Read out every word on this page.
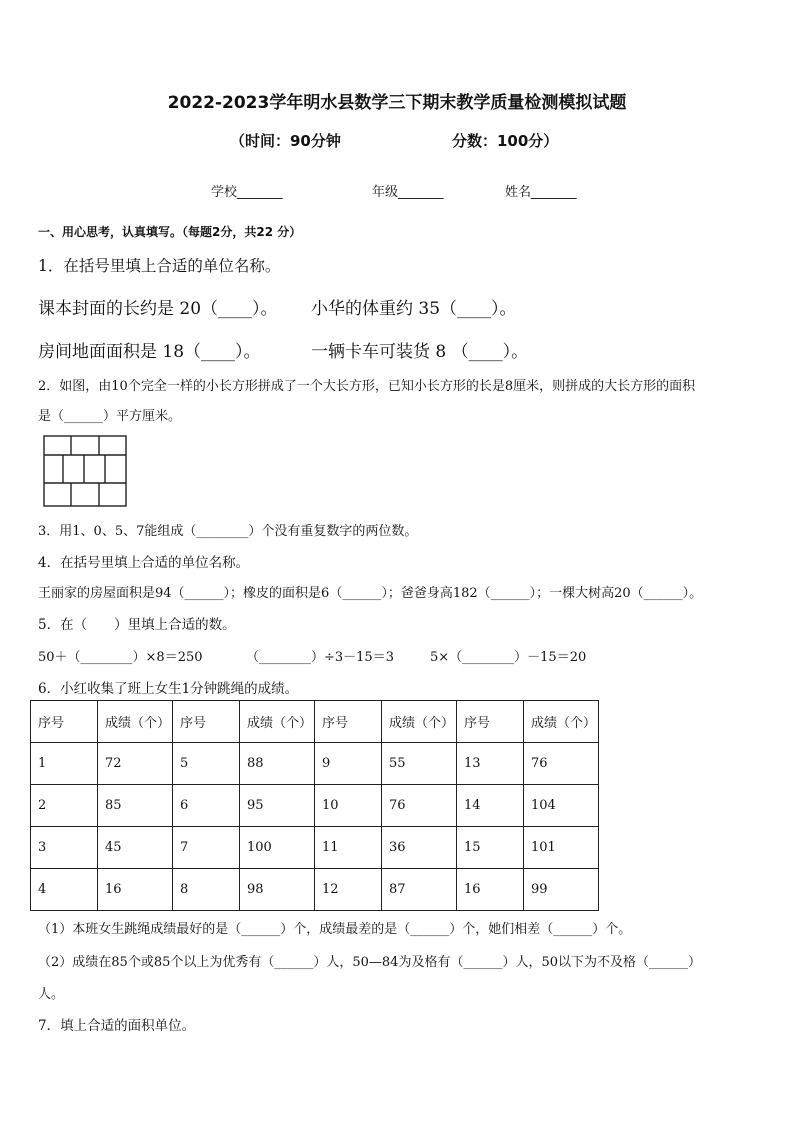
2022-2023学年明水县数学三下期末教学质量检测模拟试题
（时间：90分钟	分数：100分）
学校_______	年级_______	姓名_______
一、用心思考，认真填写。（每题2分，共22 分）
1．在括号里填上合适的单位名称。
课本封面的长约是 20（____）。 小华的体重约 35（____）。
房间地面面积是 18（____）。	一辆卡车可装货 8 （____）。
2．如图，由10个完全一样的小长方形拼成了一个大长方形，已知小长方形的长是8厘米，则拼成的大长方形的面积
是（______）平方厘米。
3．用1、0、5、7能组成（________）个没有重复数字的两位数。
4．在括号里填上合适的单位名称。
王丽家的房屋面积是94（______）；橡皮的面积是6（______）；爸爸身高182（______）；一棵大树高20（______）。
5．在（　　）里填上合适的数。
50＋（________）×8＝250	（________）÷3－15＝3	5×（________）－15＝20
6．小红收集了班上女生1分钟跳绳的成绩。
序号	成绩（个）	序号	成绩（个）	序号	成绩（个）	序号	成绩（个）
1	72	5	88	9	55	13	76
2	85	6	95	10	76	14	104
3	45	7	100	11	36	15	101
4	16	8	98	12	87	16	99
（1）本班女生跳绳成绩最好的是（______）个，成绩最差的是（______）个，她们相差（______）个。
（2）成绩在85个或85个以上为优秀有（______）人，50—84为及格有（______）人，50以下为不及格（______）
人。
7．填上合适的面积单位。
